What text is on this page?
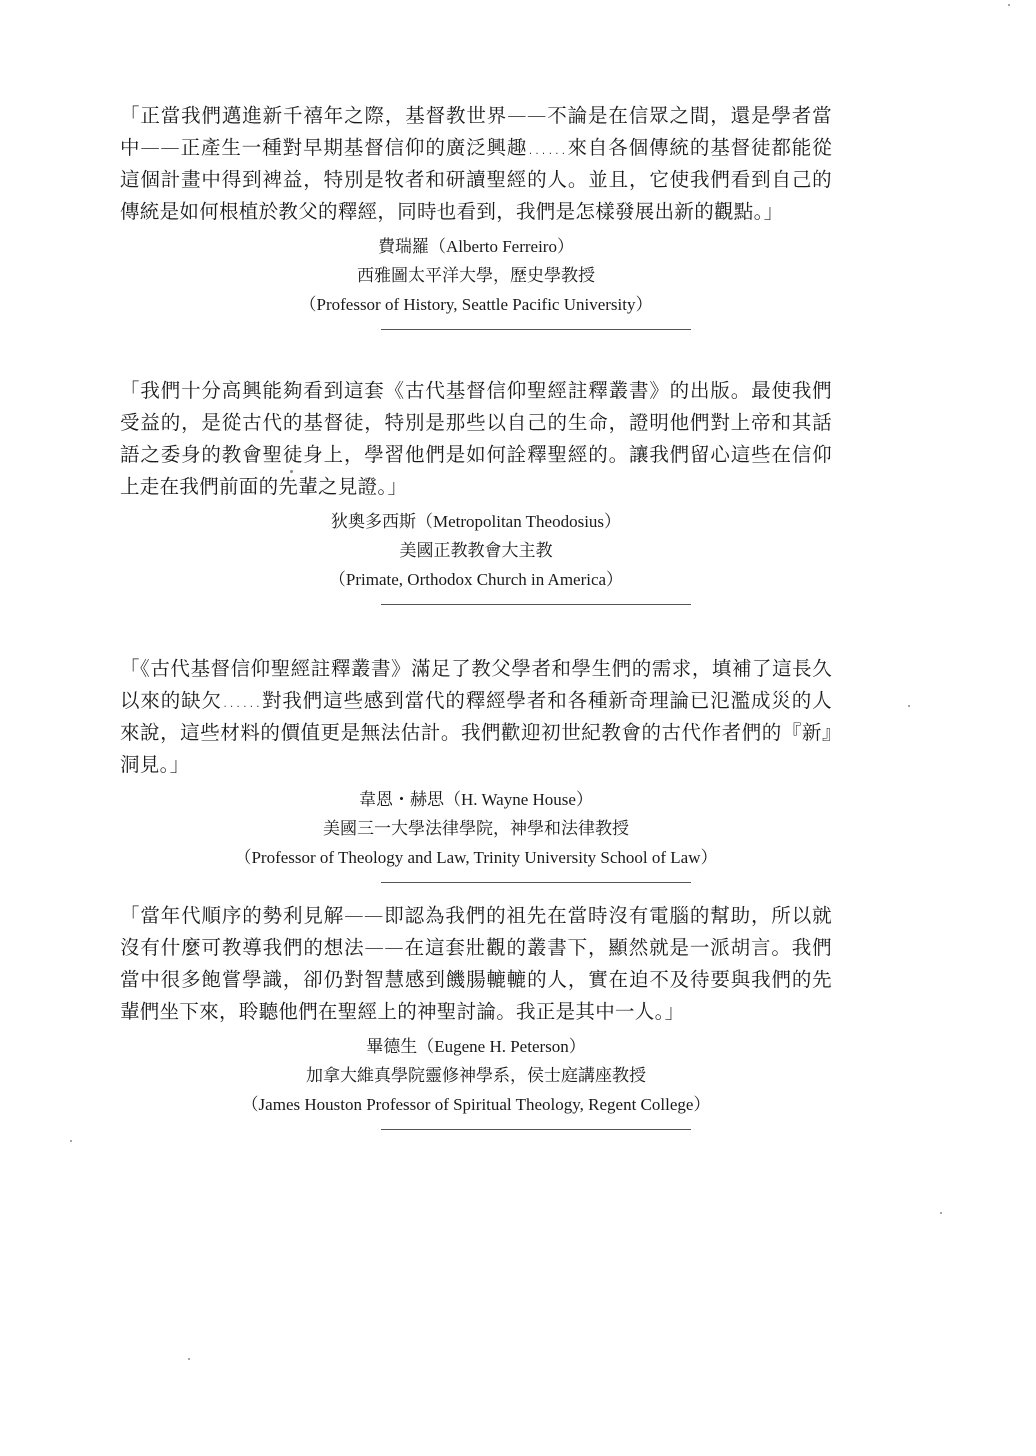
「正當我們邁進新千禧年之際，基督教世界——不論是在信眾之間，還是學者當中——正產生一種對早期基督信仰的廣泛興趣……來自各個傳統的基督徒都能從這個計畫中得到裨益，特別是牧者和研讀聖經的人。並且，它使我們看到自己的傳統是如何根植於教父的釋經，同時也看到，我們是怎樣發展出新的觀點。」

費瑞羅（Alberto Ferreiro）

西雅圖太平洋大學，歷史學教授

（Professor of History, Seattle Pacific University）

「我們十分高興能夠看到這套《古代基督信仰聖經註釋叢書》的出版。最使我們受益的，是從古代的基督徒，特別是那些以自己的生命，證明他們對上帝和其話語之委身的教會聖徒身上，學習他們是如何詮釋聖經的。讓我們留心這些在信仰上走在我們前面的先輩之見證。」

狄奧多西斯（Metropolitan Theodosius）

美國正教教會大主教

（Primate, Orthodox Church in America）

「《古代基督信仰聖經註釋叢書》滿足了教父學者和學生們的需求，填補了這長久以來的缺欠……對我們這些感到當代的釋經學者和各種新奇理論已氾濫成災的人來說，這些材料的價值更是無法估計。我們歡迎初世紀教會的古代作者們的『新』洞見。」

韋恩・赫思（H. Wayne House）

美國三一大學法律學院，神學和法律教授

（Professor of Theology and Law, Trinity University School of Law）

「當年代順序的勢利見解——即認為我們的祖先在當時沒有電腦的幫助，所以就沒有什麼可教導我們的想法——在這套壯觀的叢書下，顯然就是一派胡言。我們當中很多飽嘗學識，卻仍對智慧感到饑腸轆轆的人，實在迫不及待要與我們的先輩們坐下來，聆聽他們在聖經上的神聖討論。我正是其中一人。」

畢德生（Eugene H. Peterson）

加拿大維真學院靈修神學系，侯士庭講座教授

（James Houston Professor of Spiritual Theology, Regent College）
